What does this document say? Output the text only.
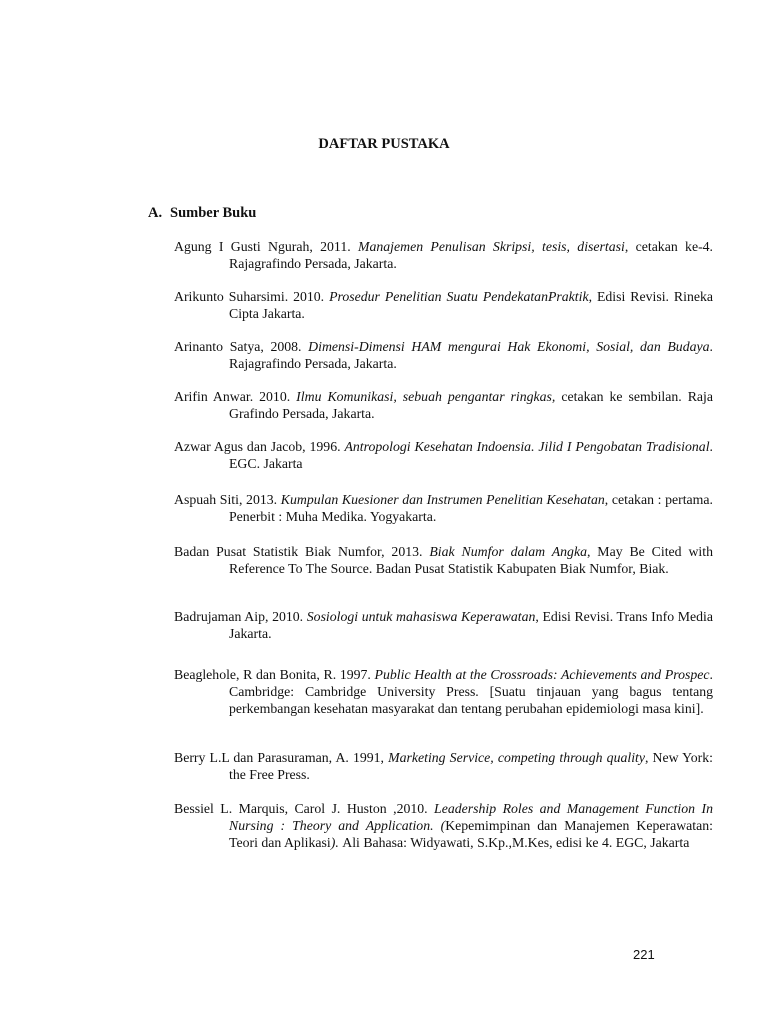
DAFTAR PUSTAKA
A. Sumber Buku
Agung I Gusti Ngurah, 2011. Manajemen Penulisan Skripsi, tesis, disertasi, cetakan ke-4. Rajagrafindo Persada, Jakarta.
Arikunto Suharsimi. 2010. Prosedur Penelitian Suatu PendekatanPraktik, Edisi Revisi. Rineka Cipta Jakarta.
Arinanto Satya, 2008. Dimensi-Dimensi HAM mengurai Hak Ekonomi, Sosial, dan Budaya. Rajagrafindo Persada, Jakarta.
Arifin Anwar. 2010. Ilmu Komunikasi, sebuah pengantar ringkas, cetakan ke sembilan. Raja Grafindo Persada, Jakarta.
Azwar Agus dan Jacob, 1996. Antropologi Kesehatan Indoensia. Jilid I Pengobatan Tradisional. EGC. Jakarta
Aspuah Siti, 2013. Kumpulan Kuesioner dan Instrumen Penelitian Kesehatan, cetakan : pertama. Penerbit : Muha Medika. Yogyakarta.
Badan Pusat Statistik Biak Numfor, 2013. Biak Numfor dalam Angka, May Be Cited with Reference To The Source. Badan Pusat Statistik Kabupaten Biak Numfor, Biak.
Badrujaman Aip, 2010. Sosiologi untuk mahasiswa Keperawatan, Edisi Revisi. Trans Info Media Jakarta.
Beaglehole, R dan Bonita, R. 1997. Public Health at the Crossroads: Achievements and Prospec. Cambridge: Cambridge University Press. [Suatu tinjauan yang bagus tentang perkembangan kesehatan masyarakat dan tentang perubahan epidemiologi masa kini].
Berry L.L dan Parasuraman, A. 1991, Marketing Service, competing through quality, New York: the Free Press.
Bessiel L. Marquis, Carol J. Huston ,2010. Leadership Roles and Management Function In Nursing : Theory and Application. (Kepemimpinan dan Manajemen Keperawatan: Teori dan Aplikasi). Ali Bahasa: Widyawati, S.Kp.,M.Kes, edisi ke 4. EGC, Jakarta

221
